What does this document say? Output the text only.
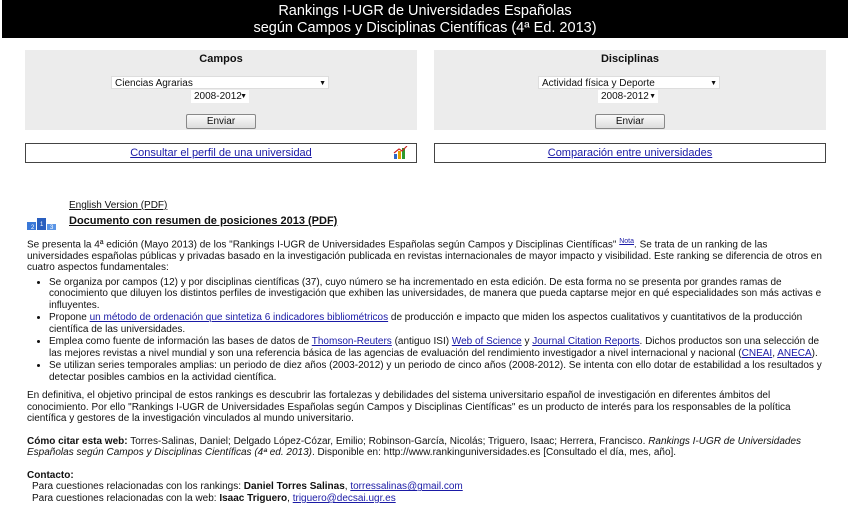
Rankings I-UGR de Universidades Españolas
según Campos y Disciplinas Científicas (4ª Ed. 2013)
Campos
Ciencias Agrarias	▼
2008-2012
▼
Enviar
Disciplinas
Actividad física y Deporte	▼
2008-2012 ▼
Enviar
Consultar el perfil de una universidad	Comparación entre universidades
English Version (PDF)
2 1 3
Documento con resumen de posiciones 2013 (PDF)

Se presenta la 4ª edición (Mayo 2013) de los "Rankings I-UGR de Universidades Españolas según Campos y Disciplinas Científicas" $^{Nota}$. Se trata de un ranking de las universidades españolas públicas y privadas basado en la investigación publicada en revistas internacionales de mayor impacto y visibilidad. Este ranking se diferencia de otros en cuatro aspectos fundamentales:

• Se organiza por campos (12) y por disciplinas científicas (37), cuyo número se ha incrementado en esta edición. De esta forma no se presenta por grandes ramas de conocimiento que diluyen los distintos perfiles de investigación que exhiben las universidades, de manera que pueda captarse mejor en qué especialidades son más activas e influyentes.
• Propone un método de ordenación que sintetiza 6 indicadores bibliométricos de producción e impacto que miden los aspectos cualitativos y cuantitativos de la producción científica de las universidades.
• Emplea como fuente de información las bases de datos de Thomson-Reuters (antiguo ISI) Web of Science y Journal Citation Reports. Dichos productos son una selección de las mejores revistas a nivel mundial y son una referencia básica de las agencias de evaluación del rendimiento investigador a nivel internacional y nacional (CNEAI, ANECA).
• Se utilizan series temporales amplias: un periodo de diez años (2003-2012) y un periodo de cinco años (2008-2012). Se intenta con ello dotar de estabilidad a los resultados y detectar posibles cambios en la actividad científica.

En definitiva, el objetivo principal de estos rankings es descubrir las fortalezas y debilidades del sistema universitario español de investigación en diferentes ámbitos del conocimiento. Por ello "Rankings I-UGR de Universidades Españolas según Campos y Disciplinas Científicas" es un producto de interés para los responsables de la política científica y gestores de la investigación vinculados al mundo universitario.

Cómo citar esta web: Torres-Salinas, Daniel; Delgado López-Cózar, Emilio; Robinson-García, Nicolás; Triguero, Isaac; Herrera, Francisco. Rankings I-UGR de Universidades Españolas según Campos y Disciplinas Científicas (4ª ed. 2013). Disponible en: http://www.rankinguniversidades.es [Consultado el día, mes, año].

Contacto:
Para cuestiones relacionadas con los rankings: Daniel Torres Salinas, torressalinas@gmail.com
Para cuestiones relacionadas con la web: Isaac Triguero, triguero@decsai.ugr.es
